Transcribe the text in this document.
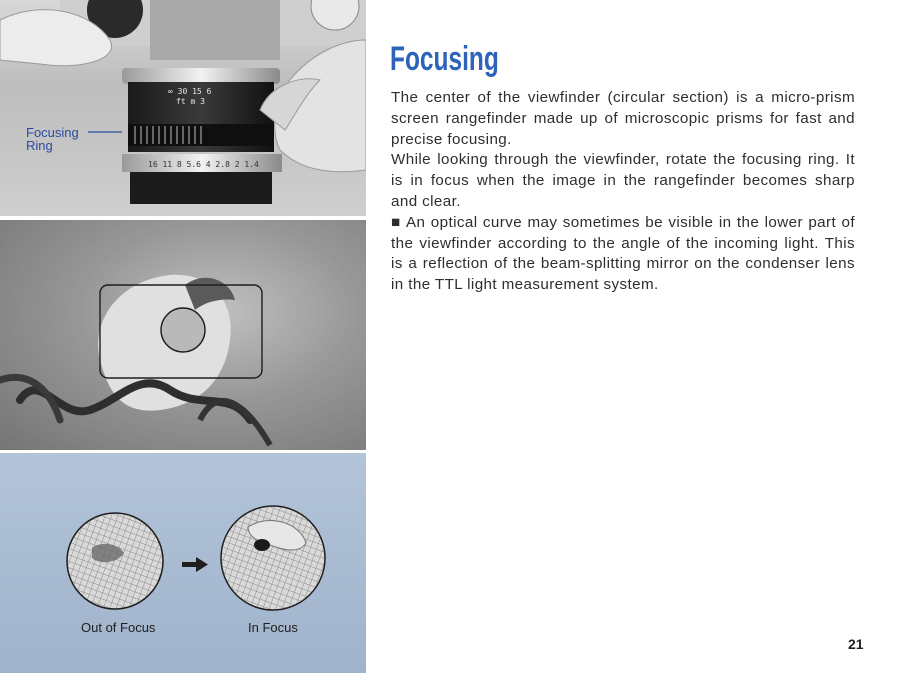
∞ 30 15 6
ft m 3
16 11 8 5.6 4 2.8 2 1.4
Focusing Ring
Out of Focus	In Focus
Focusing

The center of the viewfinder (circular section) is a micro-prism screen rangefinder made up of microscopic prisms for fast and precise focusing.

While looking through the viewfinder, rotate the focusing ring. It is in focus when the image in the rangefinder becomes sharp and clear.

■ An optical curve may sometimes be visible in the lower part of the viewfinder according to the angle of the incoming light. This is a reflection of the beam-splitting mirror on the condenser lens in the TTL light measurement system.

21
